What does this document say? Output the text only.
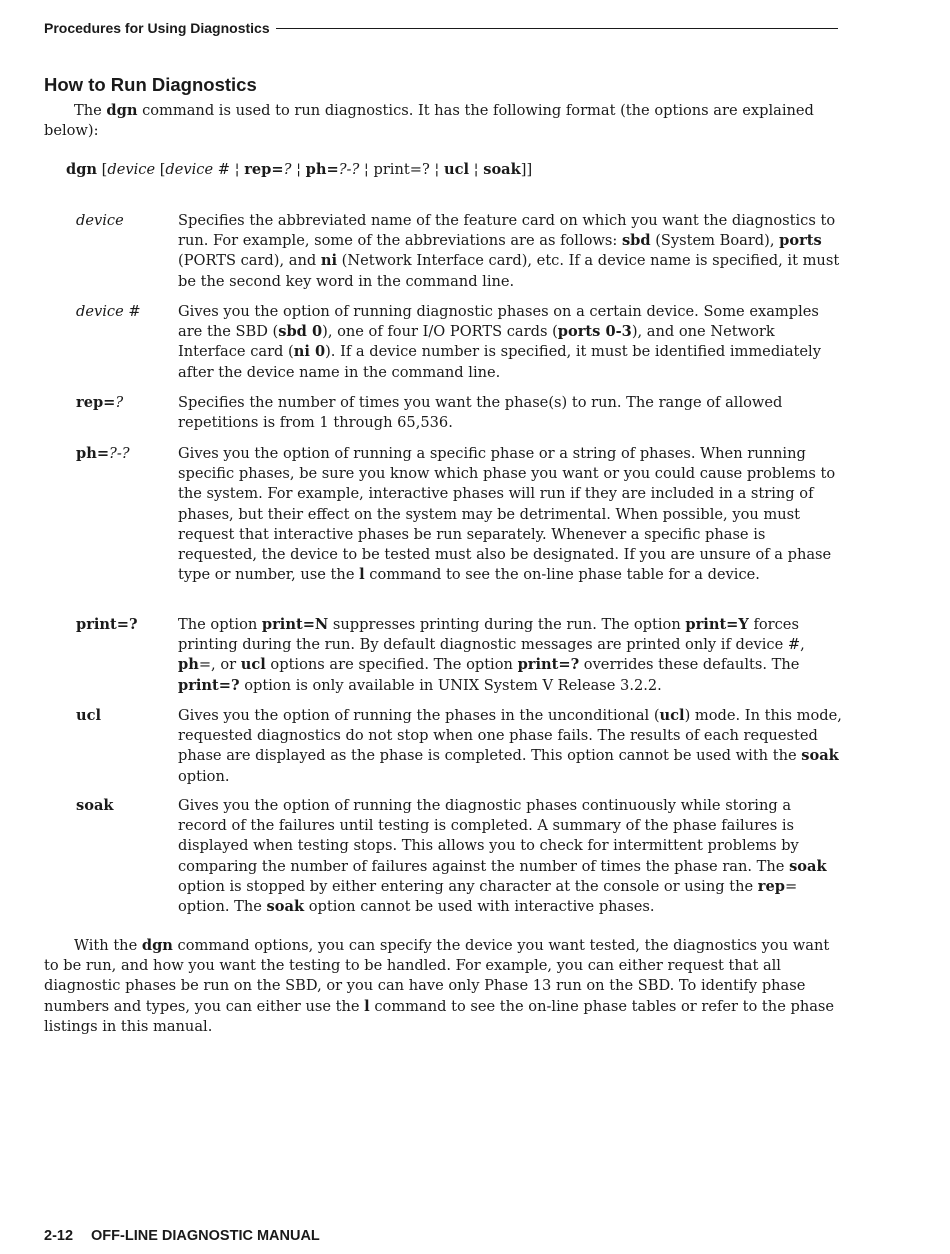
Procedures for Using Diagnostics
How to Run Diagnostics

The dgn command is used to run diagnostics. It has the following format (the options are explained below):

dgn [device [device # ¦ rep=? ¦ ph=?-? ¦ print=? ¦ ucl ¦ soak]]
device	Specifies the abbreviated name of the feature card on which you want the diagnostics to run. For example, some of the abbreviations are as follows: sbd (System Board), ports (PORTS card), and ni (Network Interface card), etc. If a device name is specified, it must be the second key word in the command line.

device #	Gives you the option of running diagnostic phases on a certain device. Some examples are the SBD (sbd 0), one of four I/O PORTS cards (ports 0-3), and one Network Interface card (ni 0). If a device number is specified, it must be identified immediately after the device name in the command line.

rep=?	Specifies the number of times you want the phase(s) to run. The range of allowed repetitions is from 1 through 65,536.

ph=?-?	Gives you the option of running a specific phase or a string of phases. When running specific phases, be sure you know which phase you want or you could cause problems to the system. For example, interactive phases will run if they are included in a string of phases, but their effect on the system may be detrimental. When possible, you must request that interactive phases be run separately. Whenever a specific phase is requested, the device to be tested must also be designated. If you are unsure of a phase type or number, use the l command to see the on-line phase table for a device.

print=?	The option print=N suppresses printing during the run. The option print=Y forces printing during the run. By default diagnostic messages are printed only if device #, ph=, or ucl options are specified. The option print=? overrides these defaults. The print=? option is only available in UNIX System V Release 3.2.2.

ucl	Gives you the option of running the phases in the unconditional (ucl) mode. In this mode, requested diagnostics do not stop when one phase fails. The results of each requested phase are displayed as the phase is completed. This option cannot be used with the soak option.

soak	Gives you the option of running the diagnostic phases continuously while storing a record of the failures until testing is completed. A summary of the phase failures is displayed when testing stops. This allows you to check for intermittent problems by comparing the number of failures against the number of times the phase ran. The soak option is stopped by either entering any character at the console or using the rep= option. The soak option cannot be used with interactive phases.

With the dgn command options, you can specify the device you want tested, the diagnostics you want to be run, and how you want the testing to be handled. For example, you can either request that all diagnostic phases be run on the SBD, or you can have only Phase 13 run on the SBD. To identify phase numbers and types, you can either use the l command to see the on-line phase tables or refer to the phase listings in this manual.

2-12 OFF-LINE DIAGNOSTIC MANUAL
